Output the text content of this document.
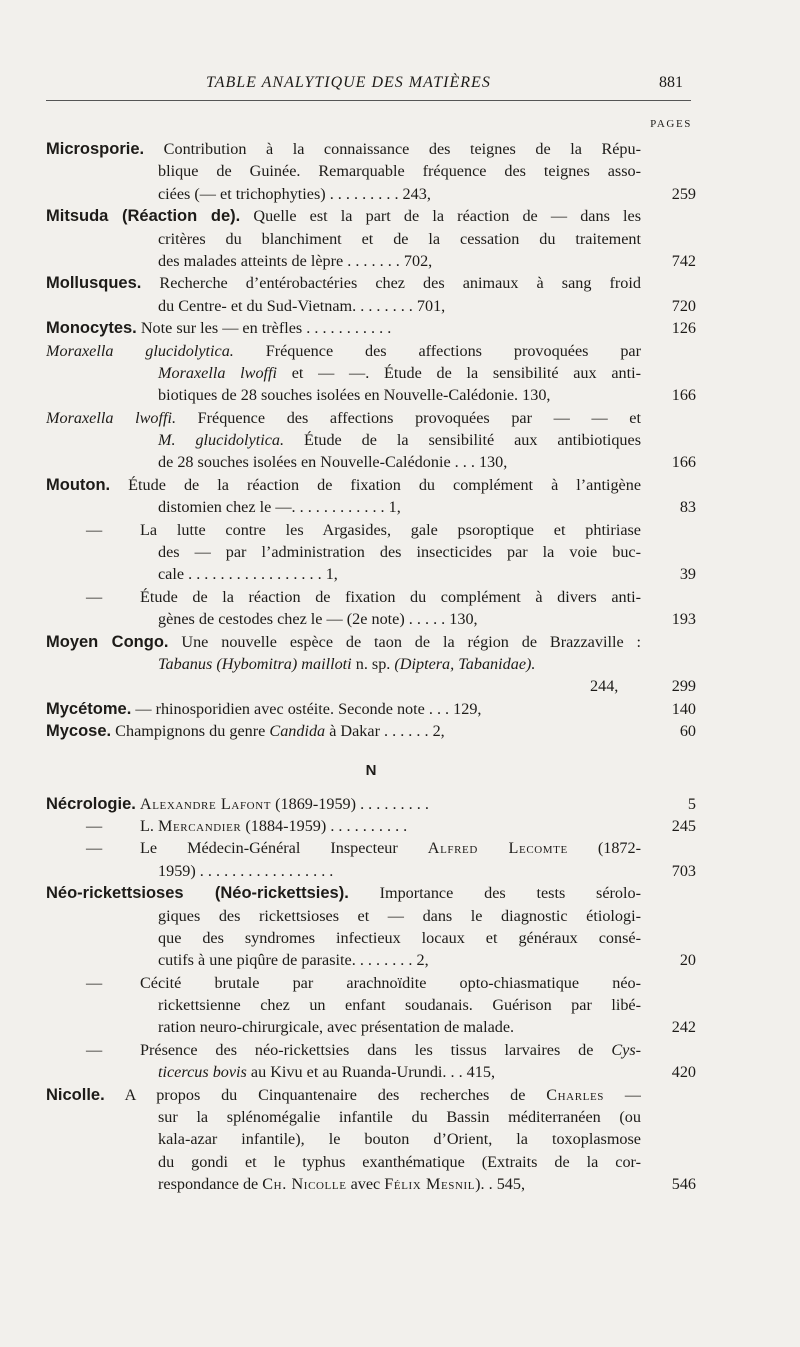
TABLE ANALYTIQUE DES MATIÈRES	881
PAGES
Microsporie. Contribution à la connaissance des teignes de la Répu-
blique de Guinée. Remarquable fréquence des teignes asso-
ciées (— et trichophyties) . . . . . . . . . 243,	259
Mitsuda (Réaction de). Quelle est la part de la réaction de — dans les
critères du blanchiment et de la cessation du traitement
des malades atteints de lèpre . . . . . . . 702,	742
Mollusques. Recherche d’entérobactéries chez des animaux à sang froid
du Centre- et du Sud-Vietnam. . . . . . . . 701,	720
Monocytes. Note sur les — en trèfles . . . . . . . . . . .	126
Moraxella glucidolytica. Fréquence des affections provoquées par
Moraxella lwoffi et — —. Étude de la sensibilité aux anti-
biotiques de 28 souches isolées en Nouvelle-Calédonie. 130,	166
Moraxella lwoffi. Fréquence des affections provoquées par — — et
M. glucidolytica. Étude de la sensibilité aux antibiotiques
de 28 souches isolées en Nouvelle-Calédonie . . . 130,	166
Mouton. Étude de la réaction de fixation du complément à l’antigène
distomien chez le —. . . . . . . . . . . . 1,	83
— La lutte contre les Argasides, gale psoroptique et phtiriase
des — par l’administration des insecticides par la voie buc-
cale . . . . . . . . . . . . . . . . . 1,	39
— Étude de la réaction de fixation du complément à divers anti-
gènes de cestodes chez le — (2e note) . . . . . 130,	193
Moyen Congo. Une nouvelle espèce de taon de la région de Brazzaville :
Tabanus (Hybomitra) mailloti n. sp. (Diptera, Tabanidae).
244,	299
Mycétome. — rhinosporidien avec ostéite. Seconde note . . . 129,	140
Mycose. Champignons du genre Candida à Dakar . . . . . . 2,	60
N
Nécrologie. Alexandre Lafont (1869-1959) . . . . . . . . .	5
— L. Mercandier (1884-1959) . . . . . . . . . .	245
— Le Médecin-Général Inspecteur Alfred Lecomte (1872-
1959) . . . . . . . . . . . . . . . . .	703
Néo-rickettsioses (Néo-rickettsies). Importance des tests sérolo-
giques des rickettsioses et — dans le diagnostic étiologi-
que des syndromes infectieux locaux et généraux consé-
cutifs à une piqûre de parasite. . . . . . . . 2,	20
— Cécité brutale par arachnoïdite opto-chiasmatique néo-
rickettsienne chez un enfant soudanais. Guérison par libé-
ration neuro-chirurgicale, avec présentation de malade.	242
— Présence des néo-rickettsies dans les tissus larvaires de Cys-
ticercus bovis au Kivu et au Ruanda-Urundi. . . 415,	420
Nicolle. A propos du Cinquantenaire des recherches de Charles —
sur la splénomégalie infantile du Bassin méditerranéen (ou
kala-azar infantile), le bouton d’Orient, la toxoplasmose
du gondi et le typhus exanthématique (Extraits de la cor-
respondance de Ch. Nicolle avec Félix Mesnil). . 545,	546
